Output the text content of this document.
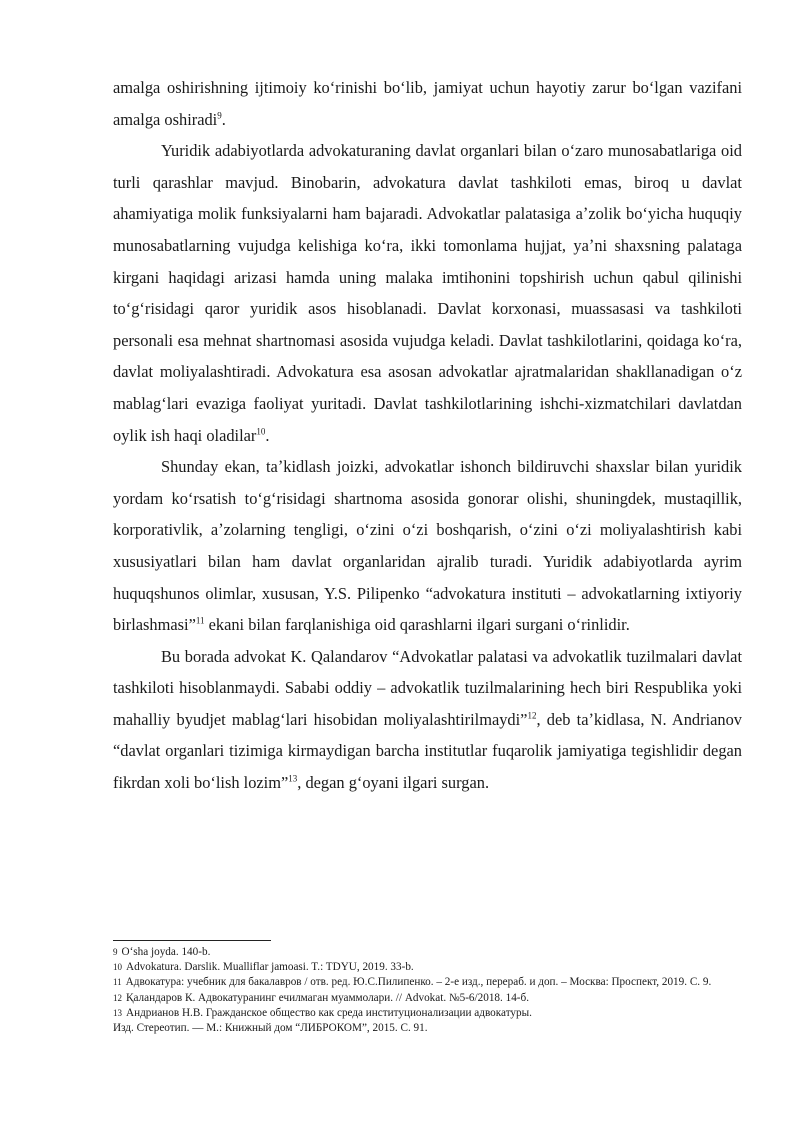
amalga oshirishning ijtimoiy koʻrinishi boʻlib, jamiyat uchun hayotiy zarur boʻlgan vazifani amalga oshiradi$^9$.

Yuridik adabiyotlarda advokaturaning davlat organlari bilan oʻzaro munosabatlariga oid turli qarashlar mavjud. Binobarin, advokatura davlat tashkiloti emas, biroq u davlat ahamiyatiga molik funksiyalarni ham bajaradi. Advokatlar palatasiga aʼzolik boʻyicha huquqiy munosabatlarning vujudga kelishiga koʻra, ikki tomonlama hujjat, yaʼni shaxsning palataga kirgani haqidagi arizasi hamda uning malaka imtihonini topshirish uchun qabul qilinishi toʻgʻrisidagi qaror yuridik asos hisoblanadi. Davlat korxonasi, muassasasi va tashkiloti personali esa mehnat shartnomasi asosida vujudga keladi. Davlat tashkilotlarini, qoidaga koʻra, davlat moliyalashtiradi. Advokatura esa asosan advokatlar ajratmalaridan shakllanadigan oʻz mablagʻlari evaziga faoliyat yuritadi. Davlat tashkilotlarining ishchi-xizmatchilari davlatdan oylik ish haqi oladilar$^{10}$.

Shunday ekan, taʼkidlash joizki, advokatlar ishonch bildiruvchi shaxslar bilan yuridik yordam koʻrsatish toʻgʻrisidagi shartnoma asosida gonorar olishi, shuningdek, mustaqillik, korporativlik, aʼzolarning tengligi, oʻzini oʻzi boshqarish, oʻzini oʻzi moliyalashtirish kabi xususiyatlari bilan ham davlat organlaridan ajralib turadi. Yuridik adabiyotlarda ayrim huquqshunos olimlar, xususan, Y.S. Pilipenko “advokatura instituti – advokatlarning ixtiyoriy birlashmasi”$^{11}$ ekani bilan farqlanishiga oid qarashlarni ilgari surgani oʻrinlidir.

Bu borada advokat K. Qalandarov “Advokatlar palatasi va advokatlik tuzilmalari davlat tashkiloti hisoblanmaydi. Sababi oddiy – advokatlik tuzilmalarining hech biri Respublika yoki mahalliy byudjet mablagʻlari hisobidan moliyalashtirilmaydi”$^{12}$, deb taʼkidlasa, N. Andrianov “davlat organlari tizimiga kirmaydigan barcha institutlar fuqarolik jamiyatiga tegishlidir degan fikrdan xoli boʻlish lozim”$^{13}$, degan gʻoyani ilgari surgan.

9 Oʻsha joyda. 140-b.

10 Advokatura. Darslik. Mualliflar jamoasi. T.: TDYU, 2019. 33-b.

11 Адвокатура: учебник для бакалавров / отв. ред. Ю.С.Пилипенко. – 2-е изд., перераб. и доп. – Москва: Проспект, 2019. С. 9.

12 Қаландаров К. Адвокатуранинг ечилмаган муаммолари. // Advokat. №5-6/2018. 14-б.

13 Андрианов Н.В. Гражданское общество как среда институционализации адвокатуры.

Изд. Стереотип. — М.: Книжный дом “ЛИБРОКОМ”, 2015. С. 91.
